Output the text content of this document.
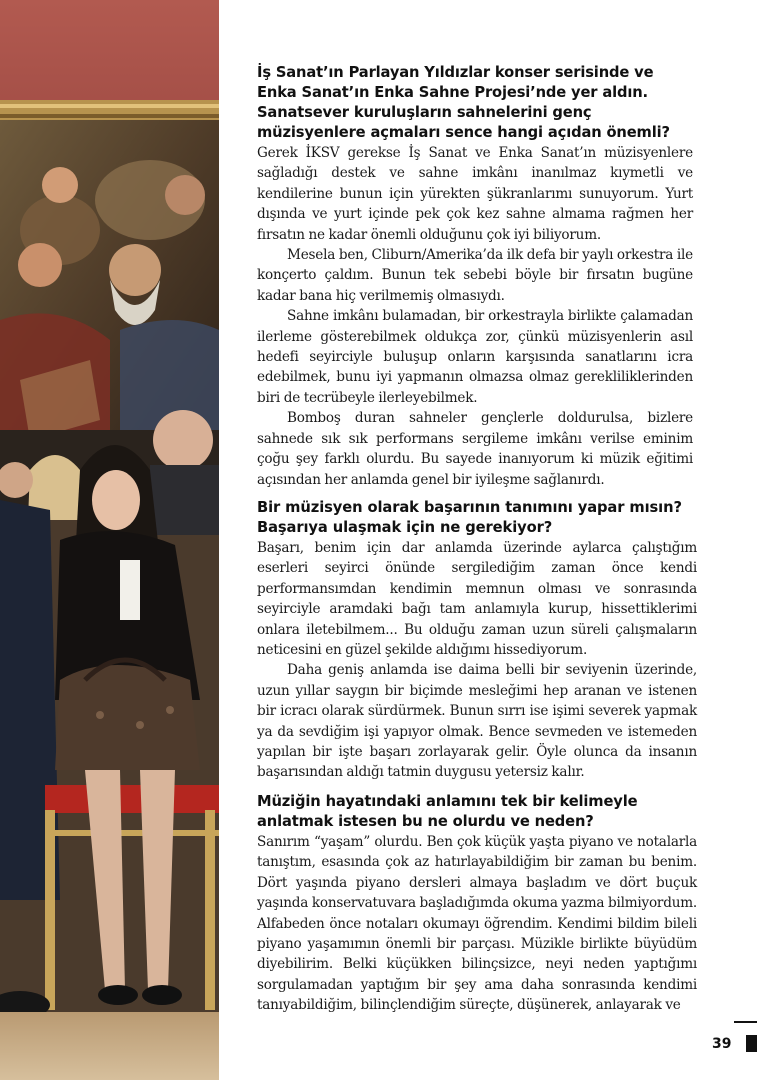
İş Sanat’ın Parlayan Yıldızlar konser serisinde ve Enka Sanat’ın Enka Sahne Projesi’nde yer aldın. Sanatsever kuruluşların sahnelerini genç müzisyenlere açmaları sence hangi açıdan önemli?

Gerek İKSV gerekse İş Sanat ve Enka Sanat’ın müzisyenlere sağladığı destek ve sahne imkânı inanılmaz kıymetli ve kendilerine bunun için yürekten şükranlarımı sunuyorum. Yurt dışında ve yurt içinde pek çok kez sahne almama rağmen her fırsatın ne kadar önemli olduğunu çok iyi biliyorum.

Mesela ben, Cliburn/Amerika’da ilk defa bir yaylı orkestra ile konçerto çaldım. Bunun tek sebebi böyle bir fırsatın bugüne kadar bana hiç verilmemiş olmasıydı.

Sahne imkânı bulamadan, bir orkestrayla birlikte çalamadan ilerleme gösterebilmek oldukça zor, çünkü müzisyenlerin asıl hedefi seyirciyle buluşup onların karşısında sanatlarını icra edebilmek, bunu iyi yapmanın olmazsa olmaz gerekliliklerinden biri de tecrübeyle ilerleyebilmek.

Bomboş duran sahneler gençlerle doldurulsa, bizlere sahnede sık sık performans sergileme imkânı verilse eminim çoğu şey farklı olurdu. Bu sayede inanıyorum ki müzik eğitimi açısından her anlamda genel bir iyileşme sağlanırdı.

Bir müzisyen olarak başarının tanımını yapar mısın? Başarıya ulaşmak için ne gerekiyor?

Başarı, benim için dar anlamda üzerinde aylarca çalıştığım eserleri seyirci önünde sergilediğim zaman önce kendi performansımdan kendimin memnun olması ve sonrasında seyirciyle aramdaki bağı tam anlamıyla kurup, hissettiklerimi onlara iletebilmem... Bu olduğu zaman uzun süreli çalışmaların neticesini en güzel şekilde aldığımı hissediyorum.

Daha geniş anlamda ise daima belli bir seviyenin üzerinde, uzun yıllar saygın bir biçimde mesleğimi hep aranan ve istenen bir icracı olarak sürdürmek. Bunun sırrı ise işimi severek yapmak ya da sevdiğim işi yapıyor olmak. Bence sevmeden ve istemeden yapılan bir işte başarı zorlayarak gelir. Öyle olunca da insanın başarısından aldığı tatmin duygusu yetersiz kalır.

Müziğin hayatındaki anlamını tek bir kelimeyle anlatmak istesen bu ne olurdu ve neden?

Sanırım “yaşam” olurdu. Ben çok küçük yaşta piyano ve notalarla tanıştım, esasında çok az hatırlayabildiğim bir zaman bu benim. Dört yaşında piyano dersleri almaya başladım ve dört buçuk yaşında konservatuvara başladığımda okuma yazma bilmiyordum. Alfabeden önce notaları okumayı öğrendim. Kendimi bildim bileli piyano yaşamımın önemli bir parçası. Müzikle birlikte büyüdüm diyebilirim. Belki küçükken bilinçsizce, neyi neden yaptığımı sorgulamadan yaptığım bir şey ama daha sonrasında kendimi tanıyabildiğim, bilinçlendiğim süreçte, düşünerek, anlayarak ve

39
